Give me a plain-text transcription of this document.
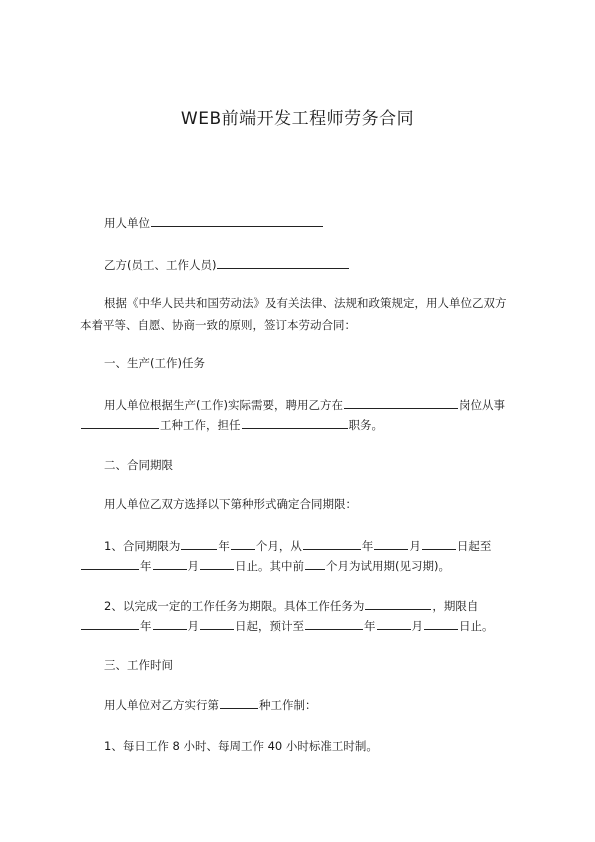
WEB前端开发工程师劳务合同
用人单位
乙方(员工、工作人员)
根据《中华人民共和国劳动法》及有关法律、法规和政策规定，用人单位乙双方
本着平等、自愿、协商一致的原则，签订本劳动合同：
一、生产(工作)任务
用人单位根据生产(工作)实际需要，聘用乙方在	岗位从事
工种工作，担任	职务。
二、合同期限
用人单位乙双方选择以下第种形式确定合同期限：
1、合同期限为	年 个月，从	年	月	日起至
年	月	日止。其中前 个月为试用期(见习期)。
2、以完成一定的工作任务为期限。具体工作任务为	，期限自
年	月	日起，预计至	年	月	日止。
三、工作时间
用人单位对乙方实行第	种工作制：
1、每日工作 8 小时、每周工作 40 小时标准工时制。
